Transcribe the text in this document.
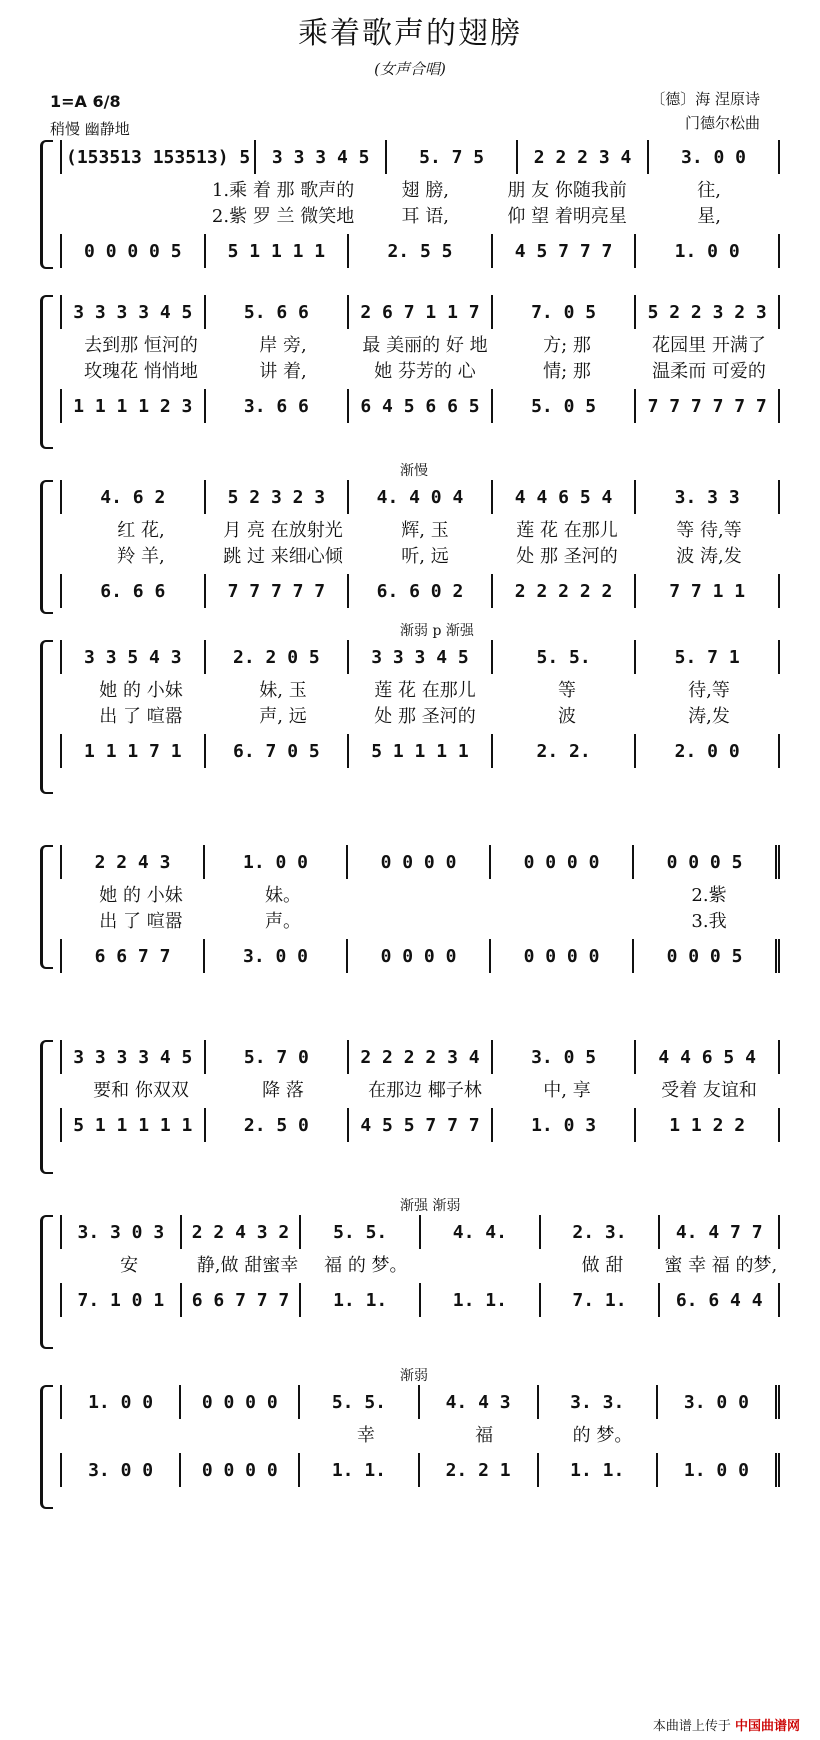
乘着歌声的翅膀
(女声合唱)
1=A 6/8
稍慢 幽静地
〔德〕海 涅原诗
门德尔松曲
(153513 153513) 5	3 3 3 4 5	5. 7 5	2 2 2 3 4	3. 0 0
1.乘 着 那 歌声的	翅 膀,	朋 友 你随我前	往,
2.紫 罗 兰 微笑地	耳 语,	仰 望 着明亮星	星,
0 0 0 0 5	5 1 1 1 1	2. 5 5	4 5 7 7 7	1. 0 0
3 3 3 3 4 5	5. 6 6	2 6 7 1 1 7	7. 0 5	5 2 2 3 2 3
去到那 恒河的	岸 旁,	最 美丽的 好 地	方; 那	花园里 开满了
玫瑰花 悄悄地	讲 着,	她 芬芳的 心	情; 那	温柔而 可爱的
1 1 1 1 2 3	3. 6 6	6 4 5 6 6 5	5. 0 5	7 7 7 7 7 7
渐慢
4. 6 2	5 2 3 2 3	4. 4 0 4	4 4 6 5 4	3. 3 3
红 花,	月 亮 在放射光	辉, 玉	莲 花 在那儿	等 待,等
羚 羊,	跳 过 来细心倾	听, 远	处 那 圣河的	波 涛,发
6. 6 6	7 7 7 7 7	6. 6 0 2	2 2 2 2 2	7 7 1 1
渐弱 p 渐强
3 3 5 4 3	2. 2 0 5	3 3 3 4 5	5. 5.	5. 7 1
她 的 小妹	妹, 玉	莲 花 在那儿	等	待,等
出 了 喧嚣	声, 远	处 那 圣河的	波	涛,发
1 1 1 7 1	6. 7 0 5	5 1 1 1 1	2. 2.	2. 0 0
2 2 4 3	1. 0 0	0 0 0 0	0 0 0 0	0 0 0 5
她 的 小妹	妹。	2.紫
出 了 喧嚣	声。	3.我
6 6 7 7	3. 0 0	0 0 0 0	0 0 0 0	0 0 0 5
3 3 3 3 4 5	5. 7 0	2 2 2 2 3 4	3. 0 5	4 4 6 5 4
要和 你双双	降 落	在那边 椰子林	中, 享	受着 友谊和
5 1 1 1 1 1	2. 5 0	4 5 5 7 7 7	1. 0 3	1 1 2 2
渐强 渐弱
3. 3 0 3	2 2 4 3 2	5. 5.	4. 4.	2. 3.	4. 4 7 7
安	静,做 甜蜜幸	福 的 梦。	做 甜	蜜 幸 福 的梦,
7. 1 0 1	6 6 7 7 7	1. 1.	1. 1.	7. 1.	6. 6 4 4
渐弱
1. 0 0	0 0 0 0	5. 5.	4. 4 3	3. 3.	3. 0 0
幸	福	的 梦。
3. 0 0	0 0 0 0	1. 1.	2. 2 1	1. 1.	1. 0 0
本曲谱上传于 中国曲谱网
